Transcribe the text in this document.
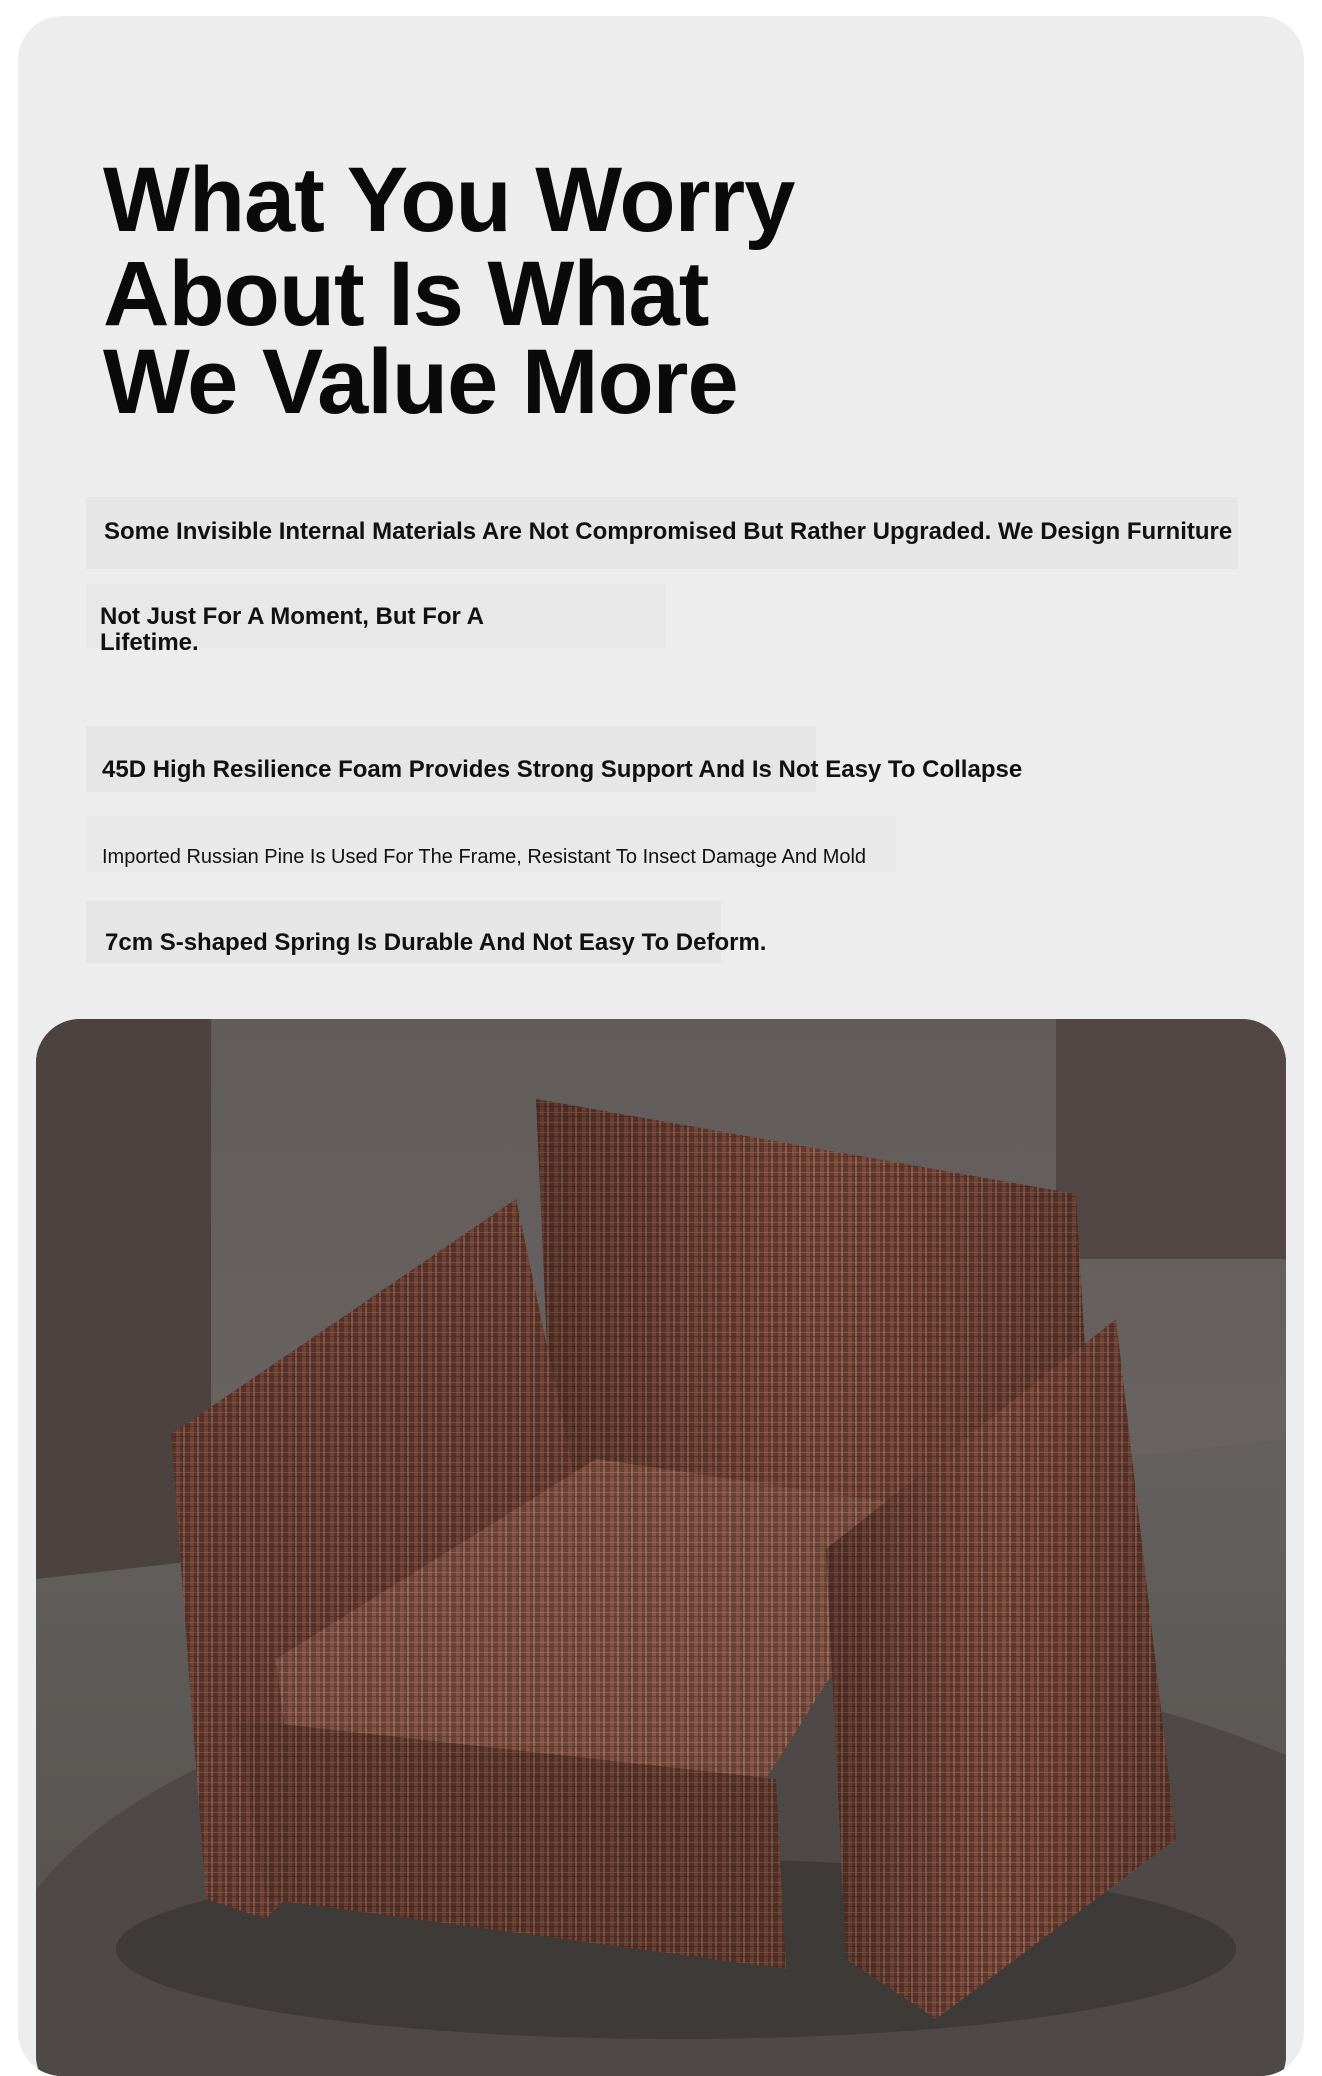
What You Worry
About Is What
We Value More

Some Invisible Internal Materials Are Not Compromised But Rather Upgraded. We Design Furniture

Not Just For A Moment, But For A Lifetime.

45D High Resilience Foam Provides Strong Support And Is Not Easy To Collapse

Imported Russian Pine Is Used For The Frame, Resistant To Insect Damage And Mold

7cm S-shaped Spring Is Durable And Not Easy To Deform.
